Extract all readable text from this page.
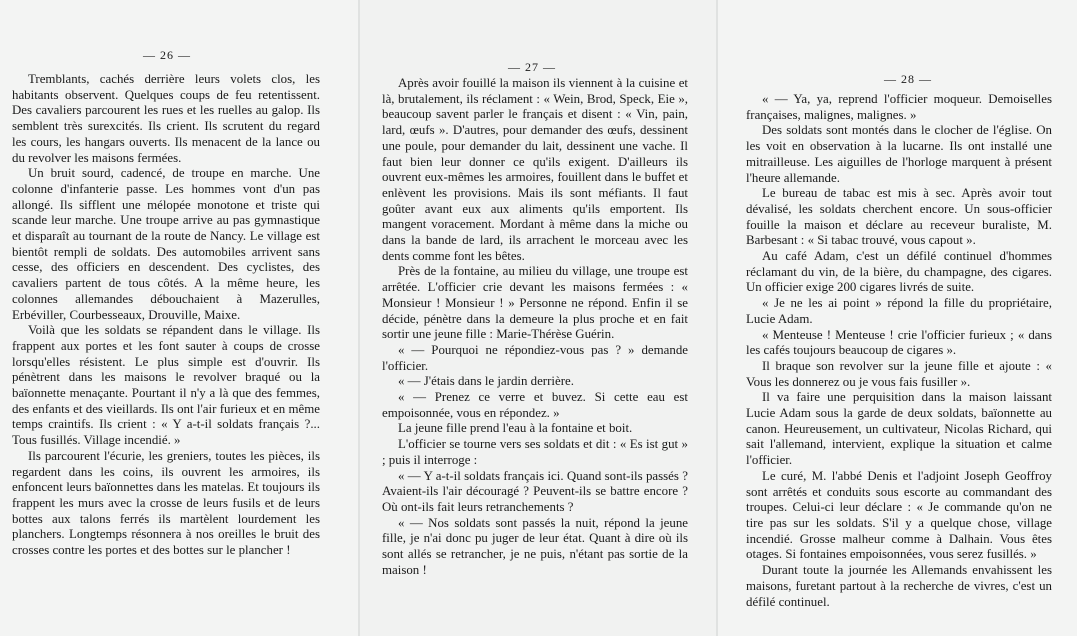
— 26 —

Tremblants, cachés derrière leurs volets clos, les habitants observent. Quelques coups de feu retentissent. Des cavaliers parcourent les rues et les ruelles au galop. Ils semblent très surexcités. Ils crient. Ils scrutent du regard les cours, les hangars ouverts. Ils menacent de la lance ou du revolver les maisons fermées.

Un bruit sourd, cadencé, de troupe en marche. Une colonne d'infanterie passe. Les hommes vont d'un pas allongé. Ils sifflent une mélopée monotone et triste qui scande leur marche. Une troupe arrive au pas gymnastique et disparaît au tournant de la route de Nancy. Le village est bientôt rempli de soldats. Des automobiles arrivent sans cesse, des officiers en descendent. Des cyclistes, des cavaliers partent de tous côtés. A la même heure, les colonnes allemandes débouchaient à Mazerulles, Erbéviller, Courbesseaux, Drouville, Maixe.

Voilà que les soldats se répandent dans le village. Ils frappent aux portes et les font sauter à coups de crosse lorsqu'elles résistent. Le plus simple est d'ouvrir. Ils pénètrent dans les maisons le revolver braqué ou la baïonnette menaçante. Pourtant il n'y a là que des femmes, des enfants et des vieillards. Ils ont l'air furieux et en même temps craintifs. Ils crient : « Y a-t-il soldats français ?... Tous fusillés. Village incendié. »

Ils parcourent l'écurie, les greniers, toutes les pièces, ils regardent dans les coins, ils ouvrent les armoires, ils enfoncent leurs baïonnettes dans les matelas. Et toujours ils frappent les murs avec la crosse de leurs fusils et de leurs bottes aux talons ferrés ils martèlent lourdement les planchers. Longtemps résonnera à nos oreilles le bruit des crosses contre les portes et des bottes sur le plancher !

— 27 —

Après avoir fouillé la maison ils viennent à la cuisine et là, brutalement, ils réclament : « Wein, Brod, Speck, Eie », beaucoup savent parler le français et disent : « Vin, pain, lard, œufs ». D'autres, pour demander des œufs, dessinent une poule, pour demander du lait, dessinent une vache. Il faut bien leur donner ce qu'ils exigent. D'ailleurs ils ouvrent eux-mêmes les armoires, fouillent dans le buffet et enlèvent les provisions. Mais ils sont méfiants. Il faut goûter avant eux aux aliments qu'ils emportent. Ils mangent voracement. Mordant à même dans la miche ou dans la bande de lard, ils arrachent le morceau avec les dents comme font les bêtes.

Près de la fontaine, au milieu du village, une troupe est arrêtée. L'officier crie devant les maisons fermées : « Monsieur ! Monsieur ! » Personne ne répond. Enfin il se décide, pénètre dans la demeure la plus proche et en fait sortir une jeune fille : Marie-Thérèse Guérin.

« — Pourquoi ne répondiez-vous pas ? » demande l'officier.

« — J'étais dans le jardin derrière.

« — Prenez ce verre et buvez. Si cette eau est empoisonnée, vous en répondez. »

La jeune fille prend l'eau à la fontaine et boit.

L'officier se tourne vers ses soldats et dit : « Es ist gut » ; puis il interroge :

« — Y a-t-il soldats français ici. Quand sont-ils passés ? Avaient-ils l'air découragé ? Peuvent-ils se battre encore ? Où ont-ils fait leurs retranchements ?

« — Nos soldats sont passés la nuit, répond la jeune fille, je n'ai donc pu juger de leur état. Quant à dire où ils sont allés se retrancher, je ne puis, n'étant pas sortie de la maison !

— 28 —

« — Ya, ya, reprend l'officier moqueur. Demoiselles françaises, malignes, malignes. »

Des soldats sont montés dans le clocher de l'église. On les voit en observation à la lucarne. Ils ont installé une mitrailleuse. Les aiguilles de l'horloge marquent à présent l'heure allemande.

Le bureau de tabac est mis à sec. Après avoir tout dévalisé, les soldats cherchent encore. Un sous-officier fouille la maison et déclare au receveur buraliste, M. Barbesant : « Si tabac trouvé, vous capout ».

Au café Adam, c'est un défilé continuel d'hommes réclamant du vin, de la bière, du champagne, des cigares. Un officier exige 200 cigares livrés de suite.

« Je ne les ai point » répond la fille du propriétaire, Lucie Adam.

« Menteuse ! Menteuse ! crie l'officier furieux ; « dans les cafés toujours beaucoup de cigares ».

Il braque son revolver sur la jeune fille et ajoute : « Vous les donnerez ou je vous fais fusiller ».

Il va faire une perquisition dans la maison laissant Lucie Adam sous la garde de deux soldats, baïonnette au canon. Heureusement, un cultivateur, Nicolas Richard, qui sait l'allemand, intervient, explique la situation et calme l'officier.

Le curé, M. l'abbé Denis et l'adjoint Joseph Geoffroy sont arrêtés et conduits sous escorte au commandant des troupes. Celui-ci leur déclare : « Je commande qu'on ne tire pas sur les soldats. S'il y a quelque chose, village incendié. Grosse malheur comme à Dalhain. Vous êtes otages. Si fontaines empoisonnées, vous serez fusillés. »

Durant toute la journée les Allemands envahissent les maisons, furetant partout à la recherche de vivres, c'est un défilé continuel.
